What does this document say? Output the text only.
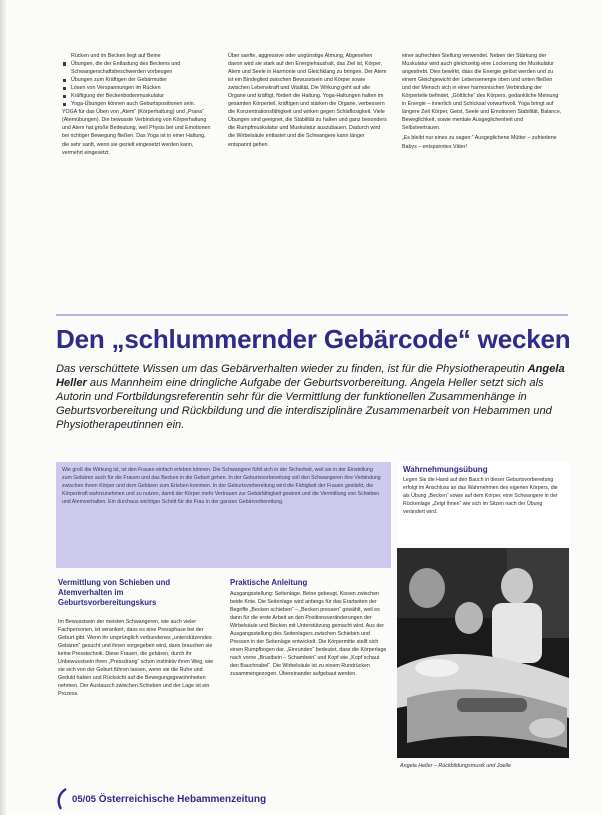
Rücken und im Becken liegt auf Beine

Übungen, die der Entlastung des Beckens und Schwangerschaftsbeschwerden vorbeugen
Übungen zum Kräftigen der Gebärmutter
Lösen von Verspannungen im Rücken
Kräftigung der Beckenbodenmuskulatur
Yoga-Übungen können auch Geburtspositionen sein.

YOGA für das Üben von „Atem“ (Körperhaltung) und „Prana“ (Atemübungen). Die bewusste Verbindung von Körperhaltung und Atem hat große Bedeutung, weil Physis bei und Emotionen bei richtiger Bewegung fließen. Das Yoga ist in einer Haltung, die sehr sanft, wenn sie gezielt eingesetzt werden kann, vermehrt eingesetzt.

Über sanfte, aggressive oder ungünstige Atmung, Abgesehen davon wird sie stark auf den Energiehaushalt, das Ziel ist, Körper, Atem und Seele in Harmonie und Gleichklang zu bringen. Der Atem ist ein Bindeglied zwischen Bewusstsein und Körper sowie zwischen Lebenskraft und Vitalität. Die Wirkung geht auf alle Organe und kräftigt, fördert die Haltung. Yoga-Haltungen halten im gesamten Körperteil, kräftigen und stärken die Organe, verbessern die Konzentrationsfähigkeit und wirken gegen Schlaflosigkeit. Viele Übungen sind geeignet, die Stabilität zu halten und ganz besonders die Rumpfmuskulatur und Muskulatur auszubauen. Dadurch wird die Wirbelsäule entlastet und die Schwangere kann länger entspannt gehen.

einer aufrechten Stellung verwendet. Neben der Stärkung der Muskulatur wird auch gleichzeitig eine Lockerung der Muskulatur angestrebt. Dies bewirkt, dass die Energie gelöst werden und zu einem Gleichgewicht der Lebensenergie oben und unten fließen und der Mensch sich in einer harmonischen Verbindung der Körperteile befindet, „Göttliche“ des Körpers, gedankliche Meinung in Energie – innerlich und Schicksal vorwurfsvoll. Yoga bringt auf längere Zeit Körper, Geist, Seele und Emotionen Stabilität, Balance, Beweglichkeit, sowie mentale Ausgeglichenheit und Selbstvertrauen.

„Es bleibt nur eines zu sagen:“ Ausgeglichene Mütter – zufriedene Babys – entspanntes Väter!

Den „schlummernder Gebärcode“ wecken

Das verschüttete Wissen um das Gebärverhalten wieder zu finden, ist für die Physiotherapeutin Angela Heller aus Mannheim eine dringliche Aufgabe der Geburtsvorbereitung. Angela Heller setzt sich als Autorin und Fortbildungsreferentin sehr für die Vermittlung der funktionellen Zusammenhänge in Geburtsvorbereitung und Rückbildung und die interdisziplinäre Zusammenarbeit von Hebammen und Physiotherapeutinnen ein.

Wie groß die Wirkung ist, ist den Frauen einfach erleben können. Die Schwangere fühlt sich in der Sicherheit, weil sie in der Einstellung zum Gebären auch für die Frauen und das Becken in die Geburt gehen. In der Geburtsvorbereitung soll den Schwangeren ihre Verbindung zwischen ihrem Körper und dem Gebären zum Erleben kommen. In der Geburtsvorbereitung wird die Fähigkeit der Frauen gestärkt, die Körperkraft wahrzunehmen und zu nutzen, damit der Körper mehr Vertrauen zur Gebärfähigkeit gewinnt und die Vermittlung von Schieben und Atemverhalten. Ein durchaus wichtiger Schritt für die Frau in der ganzen Gebärvorbereitung.

Wahrnehmungsübung

Legen Sie die Hand auf den Bauch in dieser Geburtsvorbereitung erfolgt im Anschluss an das Wahrnehmen des eigenen Körpers, die als Übung „Becken“ sowie auf dem Körper, eine Schwangere in der Rückenlage „Zeigt Ihnen“ wie sich im Sitzen nach der Übung verändert wird.

Vermittlung von Schieben und Atemverhalten im Geburtsvorbereitungskurs

Im Bewusstsein der meisten Schwangeren, wie auch vieler Fachpersonen, ist verankert, dass es eine Pressphase bei der Geburt gibt. Wenn ihr ursprünglich verbundenes „unterstützendes Gebären“ gesucht und ihnen vorgegeben wird, dann brauchen sie keine Presstechnik. Diese Frauen, die gebären, durch ihr Unbewusstsein ihren „Pressdrang“ schon instinktiv ihren Weg, wie sie sich von der Geburt führen lassen, wenn sie die Ruhe und Geduld haben und Rücksicht auf die Bewegungsgewohnheiten nehmen. Der Austausch zwischen Schieben und der Lage ist ein Prozess.

Praktische Anleitung

Ausgangsstellung: Seitenlage, Beine gebeugt, Kissen zwischen beide Knie. Die Seitenlage wird anfangs für das Erarbeiten der Begriffe „Becken schieben“ – „Becken pressen“ gewählt, weil es dann für die erste Arbeit an den Positionsveränderungen der Wirbelsäule und Becken mit Unterstützung gemacht wird. Aus der Ausgangsstellung des Seitenlagers zwischen Schieben und Pressen in der Seitenlage entwickelt. Die Körpermitte stellt sich einen Rumpfbogen dar. „Einrunden“ bedeutet, dass die Körperlage nach vorne „Brustbein – Schambein“ und Kopf wie „Kopf schaut den Bauchnabel“. Die Wirbelsäule ist zu einem Rundrücken zusammengezogen. Übereinander aufgebaut werden.

Angela Heller – Rückbildungsmusik und Joelle

05/05 Österreichische Hebammenzeitung
